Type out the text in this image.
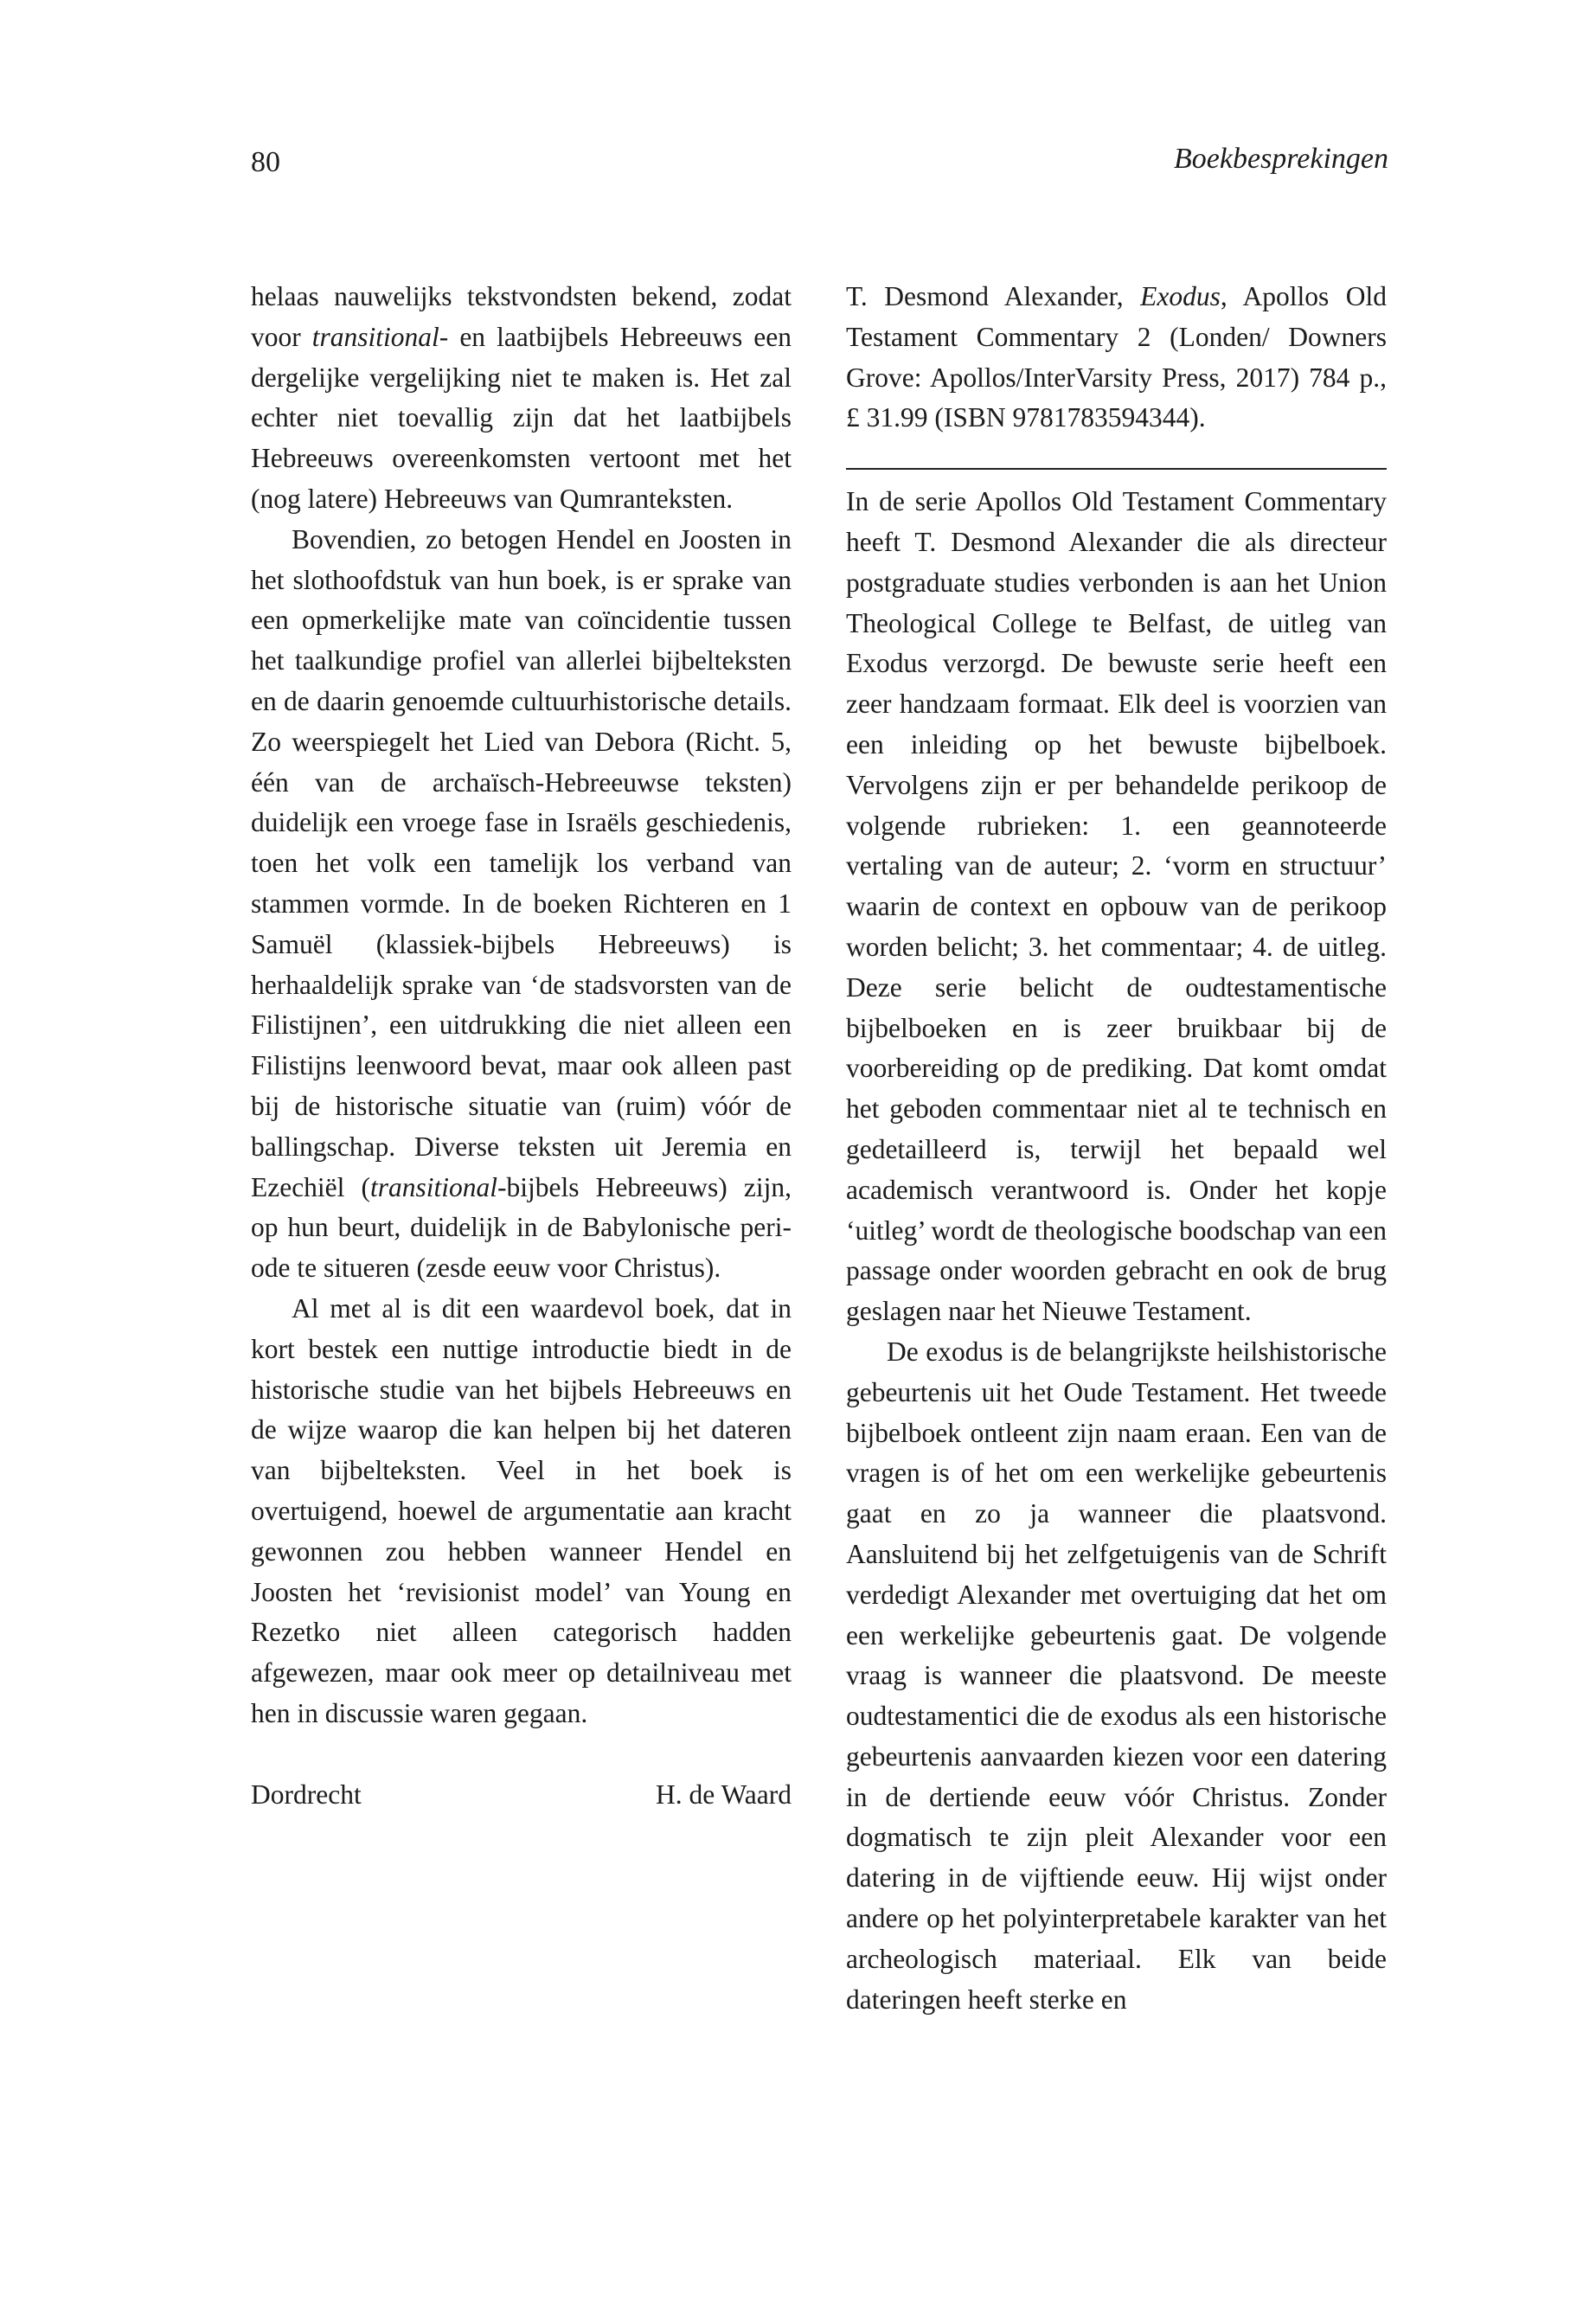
80	Boekbesprekingen

helaas nauwelijks tekstvondsten bekend, zodat voor transitional- en laatbijbels Hebreeuws een dergelijke vergelijking niet te maken is. Het zal echter niet toevallig zijn dat het laatbijbels Hebreeuws overeenkomsten vertoont met het (nog latere) Hebreeuws van Qumranteksten.

Bovendien, zo betogen Hendel en Joosten in het slothoofdstuk van hun boek, is er sprake van een opmerkelijke mate van coïncidentie tussen het taalkundige profiel van allerlei bijbelteksten en de daarin genoemde cultuurhistorische details. Zo weerspiegelt het Lied van Debora (Richt. 5, één van de archaïsch-Hebreeuwse teksten) duidelijk een vroege fase in Israëls geschiedenis, toen het volk een tamelijk los verband van stammen vormde. In de boeken Richteren en 1 Samuël (klassiek-bijbels Hebreeuws) is herhaaldelijk sprake van ‘de stadsvorsten van de Filistijnen’, een uitdrukking die niet alleen een Filistijns leenwoord bevat, maar ook alleen past bij de historische situatie van (ruim) vóór de ballingschap. Diverse teksten uit Jeremia en Ezechiël (transitional-bijbels Hebreeuws) zijn, op hun beurt, duidelijk in de Babylonische periode te situeren (zesde eeuw voor Christus).

Al met al is dit een waardevol boek, dat in kort bestek een nuttige introductie biedt in de historische studie van het bijbels Hebreeuws en de wijze waarop die kan helpen bij het dateren van bijbelteksten. Veel in het boek is overtuigend, hoewel de argumentatie aan kracht gewonnen zou hebben wanneer Hendel en Joosten het ‘revisionist model’ van Young en Rezetko niet alleen categorisch hadden afgewezen, maar ook meer op detailniveau met hen in discussie waren gegaan.

Dordrecht	H. de Waard

T. Desmond Alexander, Exodus, Apollos Old Testament Commentary 2 (Londen/ Downers Grove: Apollos/InterVarsity Press, 2017) 784 p., £ 31.99 (ISBN 9781783594344).

In de serie Apollos Old Testament Commentary heeft T. Desmond Alexander die als directeur postgraduate studies verbonden is aan het Union Theological College te Belfast, de uitleg van Exodus verzorgd. De bewuste serie heeft een zeer handzaam formaat. Elk deel is voorzien van een inleiding op het bewuste bijbelboek. Vervolgens zijn er per behandelde perikoop de volgende rubrieken: 1. een geannoteerde vertaling van de auteur; 2. ‘vorm en structuur’ waarin de context en opbouw van de perikoop worden belicht; 3. het commentaar; 4. de uitleg. Deze serie belicht de oudtestamentische bijbelboeken en is zeer bruikbaar bij de voorbereiding op de prediking. Dat komt omdat het geboden commentaar niet al te technisch en gedetailleerd is, terwijl het bepaald wel academisch verantwoord is. Onder het kopje ‘uitleg’ wordt de theologische boodschap van een passage onder woorden gebracht en ook de brug geslagen naar het Nieuwe Testament.

De exodus is de belangrijkste heilshistorische gebeurtenis uit het Oude Testament. Het tweede bijbelboek ontleent zijn naam eraan. Een van de vragen is of het om een werkelijke gebeurtenis gaat en zo ja wanneer die plaatsvond. Aansluitend bij het zelfgetuigenis van de Schrift verdedigt Alexander met overtuiging dat het om een werkelijke gebeurtenis gaat. De volgende vraag is wanneer die plaatsvond. De meeste oudtestamentici die de exodus als een historische gebeurtenis aanvaarden kiezen voor een datering in de dertiende eeuw vóór Christus. Zonder dogmatisch te zijn pleit Alexander voor een datering in de vijftiende eeuw. Hij wijst onder andere op het polyinterpretabele karakter van het archeologisch materiaal. Elk van beide dateringen heeft sterke en
